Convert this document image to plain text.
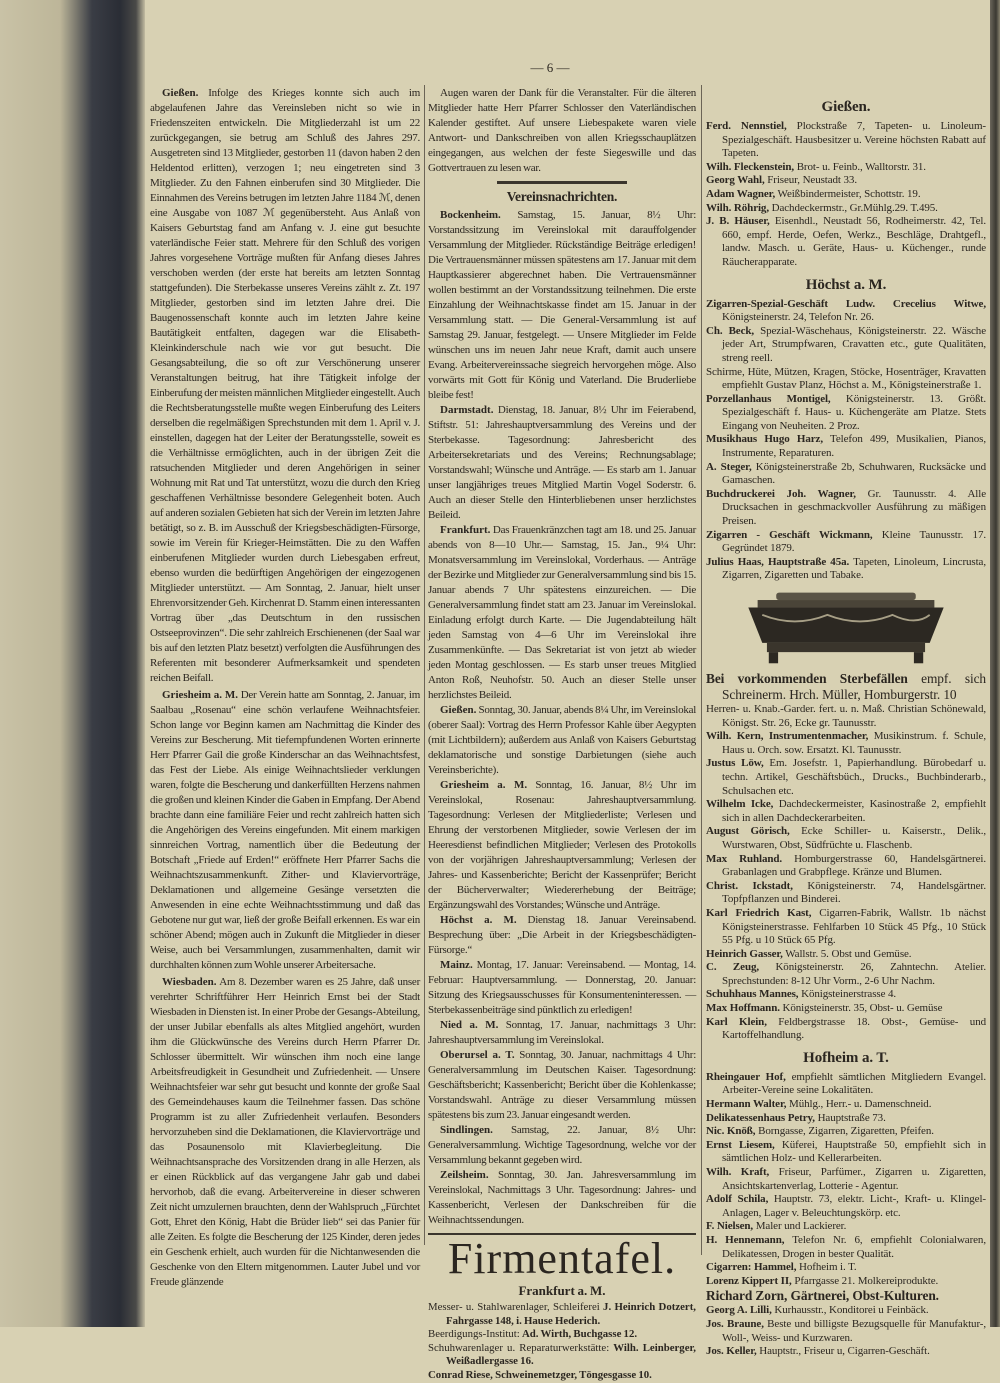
— 6 —

Gießen. Infolge des Krieges konnte sich auch im abgelaufenen Jahre das Vereinsleben nicht so wie in Friedenszeiten entwickeln. Die Mitgliederzahl ist um 22 zurückgegangen, sie betrug am Schluß des Jahres 297. Ausgetreten sind 13 Mitglieder, gestorben 11 (davon haben 2 den Heldentod erlitten), verzogen 1; neu eingetreten sind 3 Mitglieder. Zu den Fahnen einberufen sind 30 Mitglieder. Die Einnahmen des Vereins betrugen im letzten Jahre 1184 ℳ, denen eine Ausgabe von 1087 ℳ gegenübersteht. Aus Anlaß von Kaisers Geburtstag fand am Anfang v. J. eine gut besuchte vaterländische Feier statt. Mehrere für den Schluß des vorigen Jahres vorgesehene Vorträge mußten für Anfang dieses Jahres verschoben werden (der erste hat bereits am letzten Sonntag stattgefunden). Die Sterbekasse unseres Vereins zählt z. Zt. 197 Mitglieder, gestorben sind im letzten Jahre drei. Die Baugenossenschaft konnte auch im letzten Jahre keine Bautätigkeit entfalten, dagegen war die Elisabeth-Kleinkinderschule nach wie vor gut besucht. Die Gesangsabteilung, die so oft zur Verschönerung unserer Veranstaltungen beitrug, hat ihre Tätigkeit infolge der Einberufung der meisten männlichen Mitglieder eingestellt. Auch die Rechtsberatungsstelle mußte wegen Einberufung des Leiters derselben die regelmäßigen Sprechstunden mit dem 1. April v. J. einstellen, dagegen hat der Leiter der Beratungsstelle, soweit es die Verhältnisse ermöglichten, auch in der übrigen Zeit die ratsuchenden Mitglieder und deren Angehörigen in seiner Wohnung mit Rat und Tat unterstützt, wozu die durch den Krieg geschaffenen Verhältnisse besondere Gelegenheit boten. Auch auf anderen sozialen Gebieten hat sich der Verein im letzten Jahre betätigt, so z. B. im Ausschuß der Kriegsbeschädigten-Fürsorge, sowie im Verein für Krieger-Heimstätten. Die zu den Waffen einberufenen Mitglieder wurden durch Liebesgaben erfreut, ebenso wurden die bedürftigen Angehörigen der eingezogenen Mitglieder unterstützt. — Am Sonntag, 2. Januar, hielt unser Ehrenvorsitzender Geh. Kirchenrat D. Stamm einen interessanten Vortrag über „das Deutschtum in den russischen Ostseeprovinzen“. Die sehr zahlreich Erschienenen (der Saal war bis auf den letzten Platz besetzt) verfolgten die Ausführungen des Referenten mit besonderer Aufmerksamkeit und spendeten reichen Beifall.

Griesheim a. M. Der Verein hatte am Sonntag, 2. Januar, im Saalbau „Rosenau“ eine schön verlaufene Weihnachtsfeier. Schon lange vor Beginn kamen am Nachmittag die Kinder des Vereins zur Bescherung. Mit tiefempfundenen Worten erinnerte Herr Pfarrer Gail die große Kinderschar an das Weihnachtsfest, das Fest der Liebe. Als einige Weihnachtslieder verklungen waren, folgte die Bescherung und dankerfüllten Herzens nahmen die großen und kleinen Kinder die Gaben in Empfang. Der Abend brachte dann eine familiäre Feier und recht zahlreich hatten sich die Angehörigen des Vereins eingefunden. Mit einem markigen sinnreichen Vortrag, namentlich über die Bedeutung der Botschaft „Friede auf Erden!“ eröffnete Herr Pfarrer Sachs die Weihnachtszusammenkunft. Zither- und Klaviervorträge, Deklamationen und allgemeine Gesänge versetzten die Anwesenden in eine echte Weihnachtsstimmung und daß das Gebotene nur gut war, ließ der große Beifall erkennen. Es war ein schöner Abend; mögen auch in Zukunft die Mitglieder in dieser Weise, auch bei Versammlungen, zusammenhalten, damit wir durchhalten können zum Wohle unserer Arbeitersache.

Wiesbaden. Am 8. Dezember waren es 25 Jahre, daß unser verehrter Schriftführer Herr Heinrich Ernst bei der Stadt Wiesbaden in Diensten ist. In einer Probe der Gesangs-Abteilung, der unser Jubilar ebenfalls als altes Mitglied angehört, wurden ihm die Glückwünsche des Vereins durch Herrn Pfarrer Dr. Schlosser übermittelt. Wir wünschen ihm noch eine lange Arbeitsfreudigkeit in Gesundheit und Zufriedenheit. — Unsere Weihnachtsfeier war sehr gut besucht und konnte der große Saal des Gemeindehauses kaum die Teilnehmer fassen. Das schöne Programm ist zu aller Zufriedenheit verlaufen. Besonders hervorzuheben sind die Deklamationen, die Klaviervorträge und das Posaunensolo mit Klavierbegleitung. Die Weihnachtsansprache des Vorsitzenden drang in alle Herzen, als er einen Rückblick auf das vergangene Jahr gab und dabei hervorhob, daß die evang. Arbeitervereine in dieser schweren Zeit nicht umzulernen brauchten, denn der Wahlspruch „Fürchtet Gott, Ehret den König, Habt die Brüder lieb“ sei das Panier für alle Zeiten. Es folgte die Bescherung der 125 Kinder, deren jedes ein Geschenk erhielt, auch wurden für die Nichtanwesenden die Geschenke von den Eltern mitgenommen. Lauter Jubel und vor Freude glänzende

Augen waren der Dank für die Veranstalter. Für die älteren Mitglieder hatte Herr Pfarrer Schlosser den Vaterländischen Kalender gestiftet. Auf unsere Liebespakete waren viele Antwort- und Dankschreiben von allen Kriegsschauplätzen eingegangen, aus welchen der feste Siegeswille und das Gottvertrauen zu lesen war.

Vereinsnachrichten.

Bockenheim. Samstag, 15. Januar, 8½ Uhr: Vorstandssitzung im Vereinslokal mit darauffolgender Versammlung der Mitglieder. Rückständige Beiträge erledigen! Die Vertrauensmänner müssen spätestens am 17. Januar mit dem Hauptkassierer abgerechnet haben. Die Vertrauensmänner wollen bestimmt an der Vorstandssitzung teilnehmen. Die erste Einzahlung der Weihnachtskasse findet am 15. Januar in der Versammlung statt. — Die General-Versammlung ist auf Samstag 29. Januar, festgelegt. — Unsere Mitglieder im Felde wünschen uns im neuen Jahr neue Kraft, damit auch unsere Evang. Arbeitervereinssache siegreich hervorgehen möge. Also vorwärts mit Gott für König und Vaterland. Die Bruderliebe bleibe fest!

Darmstadt. Dienstag, 18. Januar, 8½ Uhr im Feierabend, Stiftstr. 51: Jahreshauptversammlung des Vereins und der Sterbekasse. Tagesordnung: Jahresbericht des Arbeitersekretariats und des Vereins; Rechnungsablage; Vorstandswahl; Wünsche und Anträge. — Es starb am 1. Januar unser langjähriges treues Mitglied Martin Vogel Soderstr. 6. Auch an dieser Stelle den Hinterbliebenen unser herzlichstes Beileid.

Frankfurt. Das Frauenkränzchen tagt am 18. und 25. Januar abends von 8—10 Uhr.— Samstag, 15. Jan., 9¼ Uhr: Monatsversammlung im Vereinslokal, Vorderhaus. — Anträge der Bezirke und Mitglieder zur Generalversammlung sind bis 15. Januar abends 7 Uhr spätestens einzureichen. — Die Generalversammlung findet statt am 23. Januar im Vereinslokal. Einladung erfolgt durch Karte. — Die Jugendabteilung hält jeden Samstag von 4—6 Uhr im Vereinslokal ihre Zusammenkünfte. — Das Sekretariat ist von jetzt ab wieder jeden Montag geschlossen. — Es starb unser treues Mitglied Anton Roß, Neuhofstr. 50. Auch an dieser Stelle unser herzlichstes Beileid.

Gießen. Sonntag, 30. Januar, abends 8¼ Uhr, im Vereinslokal (oberer Saal): Vortrag des Herrn Professor Kahle über Aegypten (mit Lichtbildern); außerdem aus Anlaß von Kaisers Geburtstag deklamatorische und sonstige Darbietungen (siehe auch Vereinsberichte).

Griesheim a. M. Sonntag, 16. Januar, 8½ Uhr im Vereinslokal, Rosenau: Jahreshauptversammlung. Tagesordnung: Verlesen der Mitgliederliste; Verlesen und Ehrung der verstorbenen Mitglieder, sowie Verlesen der im Heeresdienst befindlichen Mitglieder; Verlesen des Protokolls von der vorjährigen Jahreshauptversammlung; Verlesen der Jahres- und Kassenberichte; Bericht der Kassenprüfer; Bericht der Bücherverwalter; Wiedererhebung der Beiträge; Ergänzungswahl des Vorstandes; Wünsche und Anträge.

Höchst a. M. Dienstag 18. Januar Vereinsabend. Besprechung über: „Die Arbeit in der Kriegsbeschädigten-Fürsorge.“

Mainz. Montag, 17. Januar: Vereinsabend. — Montag, 14. Februar: Hauptversammlung. — Donnerstag, 20. Januar: Sitzung des Kriegsausschusses für Konsumenteninteressen. — Sterbekassenbeiträge sind pünktlich zu erledigen!

Nied a. M. Sonntag, 17. Januar, nachmittags 3 Uhr: Jahreshauptversammlung im Vereinslokal.

Oberursel a. T. Sonntag, 30. Januar, nachmittags 4 Uhr: Generalversammlung im Deutschen Kaiser. Tagesordnung: Geschäftsbericht; Kassenbericht; Bericht über die Kohlenkasse; Vorstandswahl. Anträge zu dieser Versammlung müssen spätestens bis zum 23. Januar eingesandt werden.

Sindlingen. Samstag, 22. Januar, 8½ Uhr: Generalversammlung. Wichtige Tagesordnung, welche vor der Versammlung bekannt gegeben wird.

Zeilsheim. Sonntag, 30. Jan. Jahresversammlung im Vereinslokal, Nachmittags 3 Uhr. Tagesordnung: Jahres- und Kassenbericht, Verlesen der Dankschreiben für die Weihnachtssendungen.

Firmentafel.
Frankfurt a. M.
Messer- u. Stahlwarenlager, Schleiferei J. Heinrich Dotzert, Fahrgasse 148, i. Hause Hederich.
Beerdigungs-Institut: Ad. Wirth, Buchgasse 12.
Schuhwarenlager u. Reparaturwerkstätte: Wilh. Leinberger, Weißadlergasse 16.
Conrad Riese, Schweinemetzger, Töngesgasse 10.
Gießen.
Ferd. Nennstiel, Plockstraße 7, Tapeten- u. Linoleum-Spezialgeschäft. Hausbesitzer u. Vereine höchsten Rabatt auf Tapeten.
Wilh. Fleckenstein, Brot- u. Feinb., Walltorstr. 31.
Georg Wahl, Friseur, Neustadt 33.
Adam Wagner, Weißbindermeister, Schottstr. 19.
Wilh. Röhrig, Dachdeckermstr., Gr.Mühlg.29. T.495.
J. B. Häuser, Eisenhdl., Neustadt 56, Rodheimerstr. 42, Tel. 660, empf. Herde, Oefen, Werkz., Beschläge, Drahtgefl., landw. Masch. u. Geräte, Haus- u. Küchenger., runde Räucherapparate.
Höchst a. M.
Zigarren-Spezial-Geschäft Ludw. Crecelius Witwe, Königsteinerstr. 24, Telefon Nr. 26.
Ch. Beck, Spezial-Wäschehaus, Königsteinerstr. 22. Wäsche jeder Art, Strumpfwaren, Cravatten etc., gute Qualitäten, streng reell.
Schirme, Hüte, Mützen, Kragen, Stöcke, Hosenträger, Kravatten empfiehlt Gustav Planz, Höchst a. M., Königsteinerstraße 1.
Porzellanhaus Montigel, Königsteinerstr. 13. Größt. Spezialgeschäft f. Haus- u. Küchengeräte am Platze. Stets Eingang von Neuheiten. 2 Proz.
Musikhaus Hugo Harz, Telefon 499, Musikalien, Pianos, Instrumente, Reparaturen.
A. Steger, Königsteinerstraße 2b, Schuhwaren, Rucksäcke und Gamaschen.
Buchdruckerei Joh. Wagner, Gr. Taunusstr. 4. Alle Drucksachen in geschmackvoller Ausführung zu mäßigen Preisen.
Zigarren - Geschäft Wickmann, Kleine Taunusstr. 17. Gegründet 1879.
Julius Haas, Hauptstraße 45a. Tapeten, Linoleum, Lincrusta, Zigarren, Zigaretten und Tabake.
Bei vorkommenden Sterbefällen empf. sich Schreinerm. Hrch. Müller, Homburgerstr. 10
Herren- u. Knab.-Garder. fert. u. n. Maß. Christian Schönewald, Königst. Str. 26, Ecke gr. Taunusstr.
Wilh. Kern, Instrumentenmacher, Musikinstrum. f. Schule, Haus u. Orch. sow. Ersatzt. Kl. Taunusstr.
Justus Löw, Em. Josefstr. 1, Papierhandlung. Bürobedarf u. techn. Artikel, Geschäftsbüch., Drucks., Buchbinderarb., Schulsachen etc.
Wilhelm Icke, Dachdeckermeister, Kasinostraße 2, empfiehlt sich in allen Dachdeckerarbeiten.
August Görisch, Ecke Schiller- u. Kaiserstr., Delik., Wurstwaren, Obst, Südfrüchte u. Flaschenb.
Max Ruhland. Homburgerstrasse 60, Handelsgärtnerei. Grabanlagen und Grabpflege. Kränze und Blumen.
Christ. Ickstadt, Königsteinerstr. 74, Handelsgärtner. Topfpflanzen und Binderei.
Karl Friedrich Kast, Cigarren-Fabrik, Wallstr. 1b nächst Königsteinerstrasse. Fehlfarben 10 Stück 45 Pfg., 10 Stück 55 Pfg. u 10 Stück 65 Pfg.
Heinrich Gasser, Wallstr. 5. Obst und Gemüse.
C. Zeug, Königsteinerstr. 26, Zahntechn. Atelier. Sprechstunden: 8-12 Uhr Vorm., 2-6 Uhr Nachm.
Schuhhaus Mannes, Königsteinerstrasse 4.
Max Hoffmann. Königsteinerstr. 35, Obst- u. Gemüse
Karl Klein, Feldbergstrasse 18. Obst-, Gemüse- und Kartoffelhandlung.
Hofheim a. T.
Rheingauer Hof, empfiehlt sämtlichen Mitgliedern Evangel. Arbeiter-Vereine seine Lokalitäten.
Hermann Walter, Mühlg., Herr.- u. Damenschneid.
Delikatessenhaus Petry, Hauptstraße 73.
Nic. Knöß, Borngasse, Zigarren, Zigaretten, Pfeifen.
Ernst Liesem, Küferei, Hauptstraße 50, empfiehlt sich in sämtlichen Holz- und Kellerarbeiten.
Wilh. Kraft, Friseur, Parfümer., Zigarren u. Zigaretten, Ansichtskartenverlag, Lotterie - Agentur.
Adolf Schila, Hauptstr. 73, elektr. Licht-, Kraft- u. Klingel-Anlagen, Lager v. Beleuchtungskörp. etc.
F. Nielsen, Maler und Lackierer.
H. Hennemann, Telefon Nr. 6, empfiehlt Colonialwaren, Delikatessen, Drogen in bester Qualität.
Cigarren: Hammel, Hofheim i. T.
Lorenz Kippert II, Pfarrgasse 21. Molkereiprodukte.
Richard Zorn, Gärtnerei, Obst-Kulturen.
Georg A. Lilli, Kurhausstr., Konditorei u Feinbäck.
Jos. Braune, Beste und billigste Bezugsquelle für Manufaktur-, Woll-, Weiss- und Kurzwaren.
Jos. Keller, Hauptstr., Friseur u, Cigarren-Geschäft.
